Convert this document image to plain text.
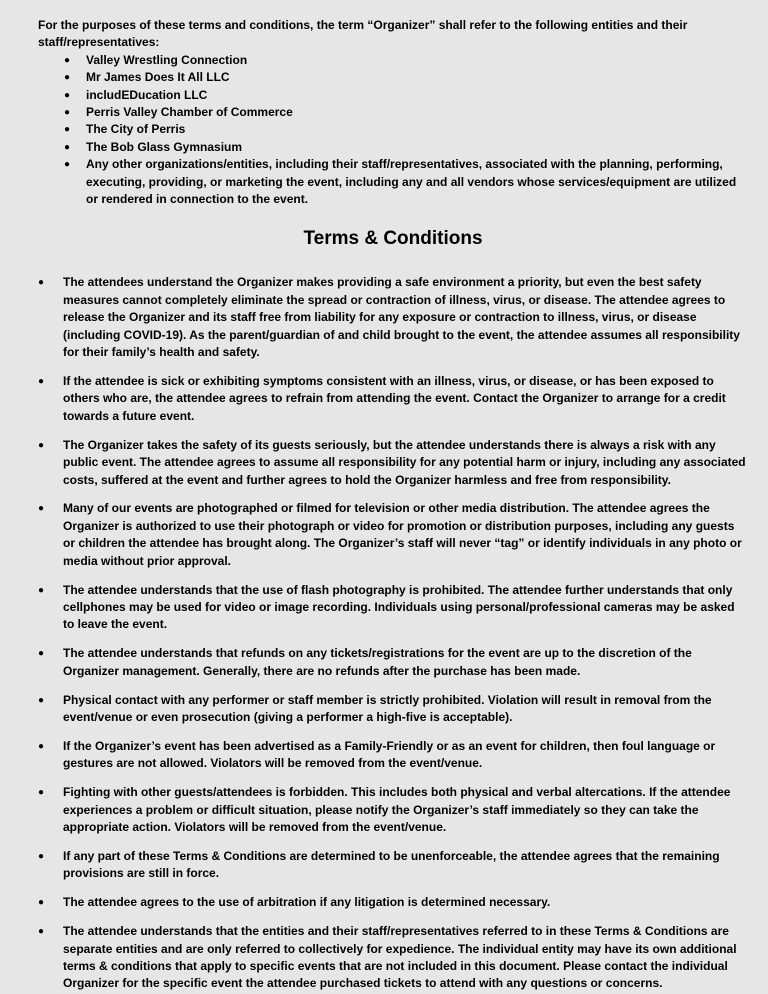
For the purposes of these terms and conditions, the term “Organizer” shall refer to the following entities and their staff/representatives:

● Valley Wrestling Connection
● Mr James Does It All LLC
● includEDucation LLC
● Perris Valley Chamber of Commerce
● The City of Perris
● The Bob Glass Gymnasium
● Any other organizations/entities, including their staff/representatives, associated with the planning, performing, executing, providing, or marketing the event, including any and all vendors whose services/equipment are utilized or rendered in connection to the event.
Terms & Conditions
● The attendees understand the Organizer makes providing a safe environment a priority, but even the best safety measures cannot completely eliminate the spread or contraction of illness, virus, or disease. The attendee agrees to release the Organizer and its staff free from liability for any exposure or contraction to illness, virus, or disease (including COVID-19). As the parent/guardian of and child brought to the event, the attendee assumes all responsibility for their family’s health and safety.
● If the attendee is sick or exhibiting symptoms consistent with an illness, virus, or disease, or has been exposed to others who are, the attendee agrees to refrain from attending the event. Contact the Organizer to arrange for a credit towards a future event.
● The Organizer takes the safety of its guests seriously, but the attendee understands there is always a risk with any public event. The attendee agrees to assume all responsibility for any potential harm or injury, including any associated costs, suffered at the event and further agrees to hold the Organizer harmless and free from responsibility.
● Many of our events are photographed or filmed for television or other media distribution. The attendee agrees the Organizer is authorized to use their photograph or video for promotion or distribution purposes, including any guests or children the attendee has brought along. The Organizer’s staff will never “tag” or identify individuals in any photo or media without prior approval.
● The attendee understands that the use of flash photography is prohibited. The attendee further understands that only cellphones may be used for video or image recording. Individuals using personal/professional cameras may be asked to leave the event.
● The attendee understands that refunds on any tickets/registrations for the event are up to the discretion of the Organizer management. Generally, there are no refunds after the purchase has been made.
● Physical contact with any performer or staff member is strictly prohibited. Violation will result in removal from the event/venue or even prosecution (giving a performer a high-five is acceptable).
● If the Organizer’s event has been advertised as a Family-Friendly or as an event for children, then foul language or gestures are not allowed. Violators will be removed from the event/venue.
● Fighting with other guests/attendees is forbidden. This includes both physical and verbal altercations. If the attendee experiences a problem or difficult situation, please notify the Organizer’s staff immediately so they can take the appropriate action. Violators will be removed from the event/venue.
● If any part of these Terms & Conditions are determined to be unenforceable, the attendee agrees that the remaining provisions are still in force.
● The attendee agrees to the use of arbitration if any litigation is determined necessary.
● The attendee understands that the entities and their staff/representatives referred to in these Terms & Conditions are separate entities and are only referred to collectively for expedience. The individual entity may have its own additional terms & conditions that apply to specific events that are not included in this document. Please contact the individual Organizer for the specific event the attendee purchased tickets to attend with any questions or concerns.
